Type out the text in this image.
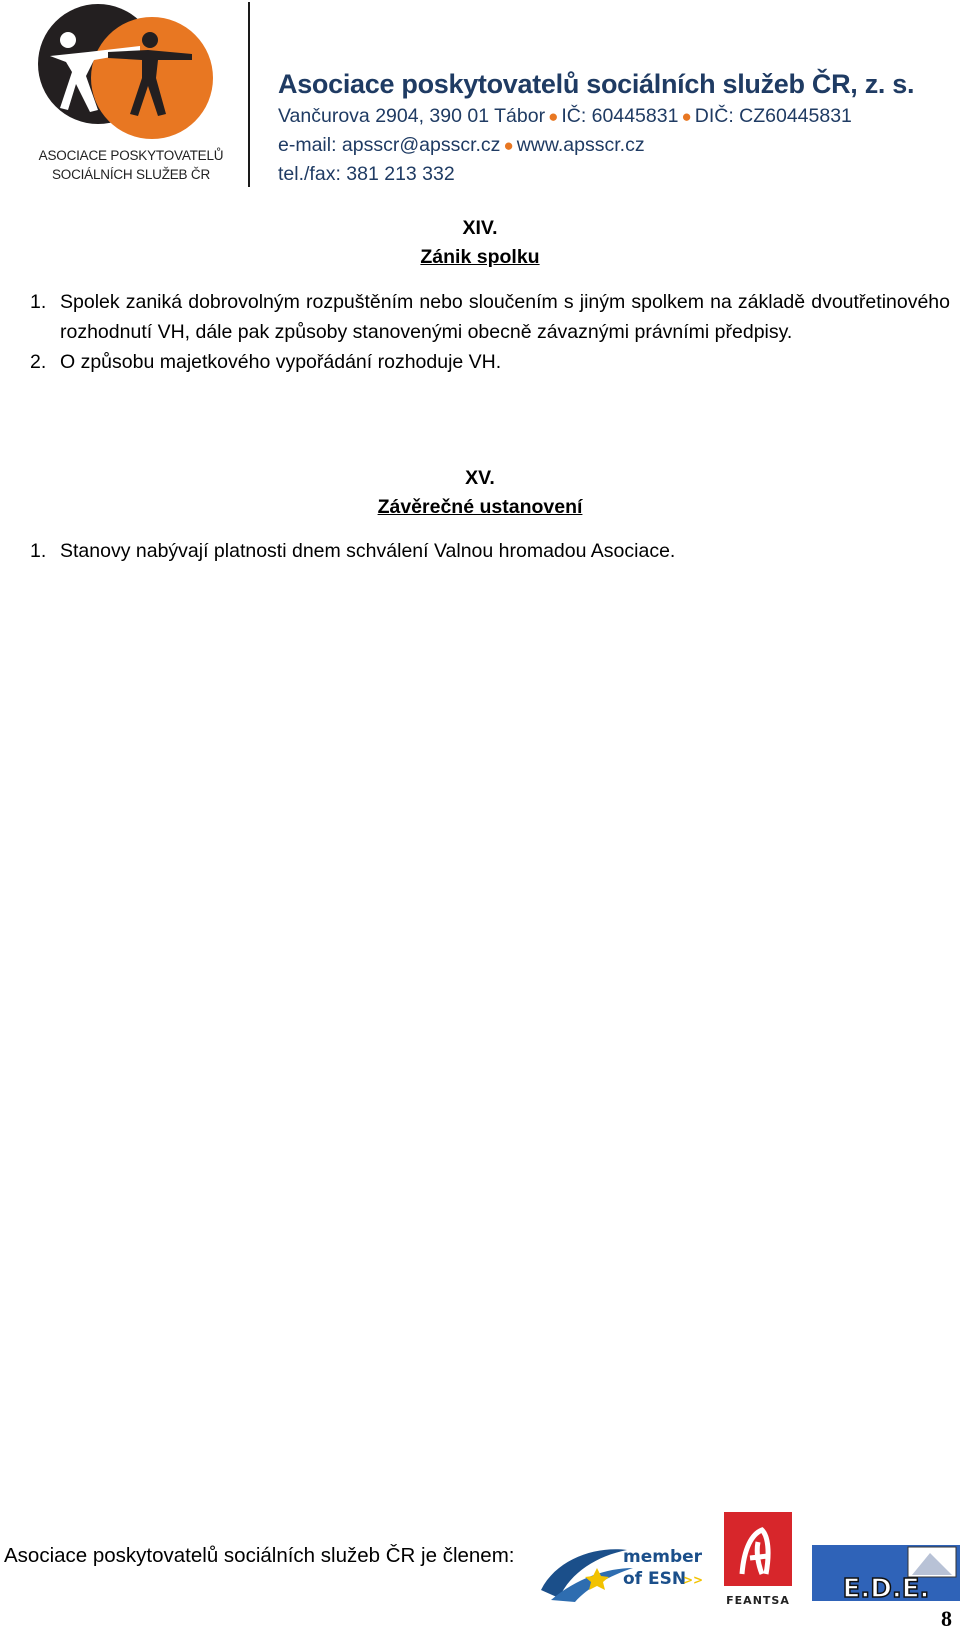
ASOCIACE POSKYTOVATELŮ
SOCIÁLNÍCH SLUŽEB ČR
Asociace poskytovatelů sociálních služeb ČR, z. s.
Vančurova 2904, 390 01 Tábor ● IČ: 60445831 ● DIČ: CZ60445831
e-mail: apsscr@apsscr.cz ● www.apsscr.cz
tel./fax: 381 213 332
XIV.
Zánik spolku
1. Spolek zaniká dobrovolným rozpuštěním nebo sloučením s jiným spolkem na základě dvoutřetinového rozhodnutí VH, dále pak způsoby stanovenými obecně závaznými právními předpisy.
2. O způsobu majetkového vypořádání rozhoduje VH.
XV.
Závěrečné ustanovení
1. Stanovy nabývají platnosti dnem schválení Valnou hromadou Asociace.
Asociace poskytovatelů sociálních služeb ČR je členem:	member
of ESN
>>
FEANTSA E.D.E.
8
